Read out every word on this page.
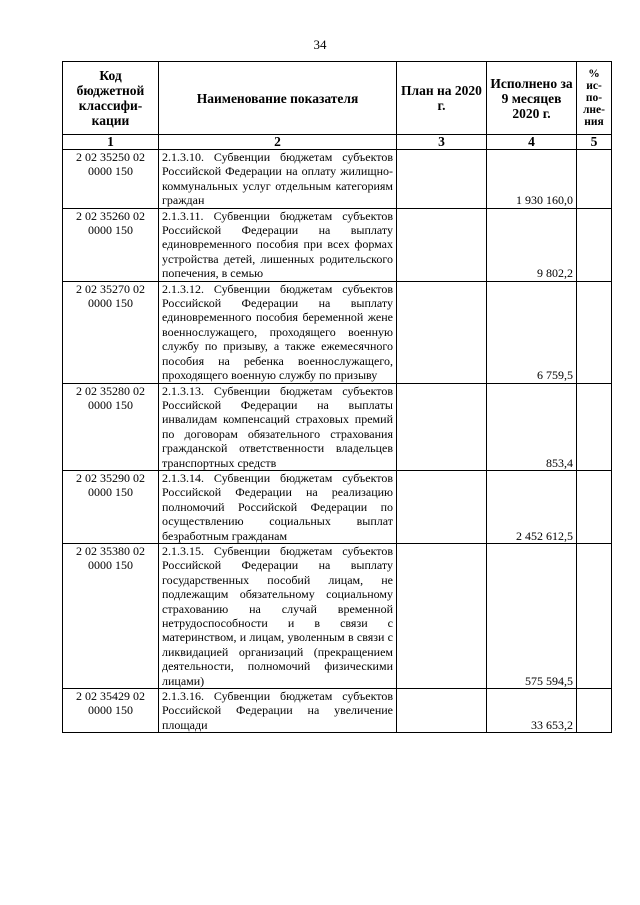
34
Код бюджетной классифи-кации	Наименование показателя	План на 2020 г.	Исполнено за 9 месяцев 2020 г.	% ис-по-лне-ния
1	2	3	4	5
2 02 35250 02 0000 150	2.1.3.10. Субвенции бюджетам субъектов Российской Федерации на оплату жилищно-коммунальных услуг отдельным категориям граждан		1 930 160,0	
2 02 35260 02 0000 150	2.1.3.11. Субвенции бюджетам субъектов Российской Федерации на выплату единовременного пособия при всех формах устройства детей, лишенных родительского попечения, в семью		9 802,2	
2 02 35270 02 0000 150	2.1.3.12. Субвенции бюджетам субъектов Российской Федерации на выплату единовременного пособия беременной жене военнослужащего, проходящего военную службу по призыву, а также ежемесячного пособия на ребенка военнослужащего, проходящего военную службу по призыву		6 759,5	
2 02 35280 02 0000 150	2.1.3.13. Субвенции бюджетам субъектов Российской Федерации на выплаты инвалидам компенсаций страховых премий по договорам обязательного страхования гражданской ответственности владельцев транспортных средств		853,4	
2 02 35290 02 0000 150	2.1.3.14. Субвенции бюджетам субъектов Российской Федерации на реализацию полномочий Российской Федерации по осуществлению социальных выплат безработным гражданам		2 452 612,5	
2 02 35380 02 0000 150	2.1.3.15. Субвенции бюджетам субъектов Российской Федерации на выплату государственных пособий лицам, не подлежащим обязательному социальному страхованию на случай временной нетрудоспособности и в связи с материнством, и лицам, уволенным в связи с ликвидацией организаций (прекращением деятельности, полномочий физическими лицами)		575 594,5	
2 02 35429 02 0000 150	2.1.3.16. Субвенции бюджетам субъектов Российской Федерации на увеличение площади		33 653,2	
